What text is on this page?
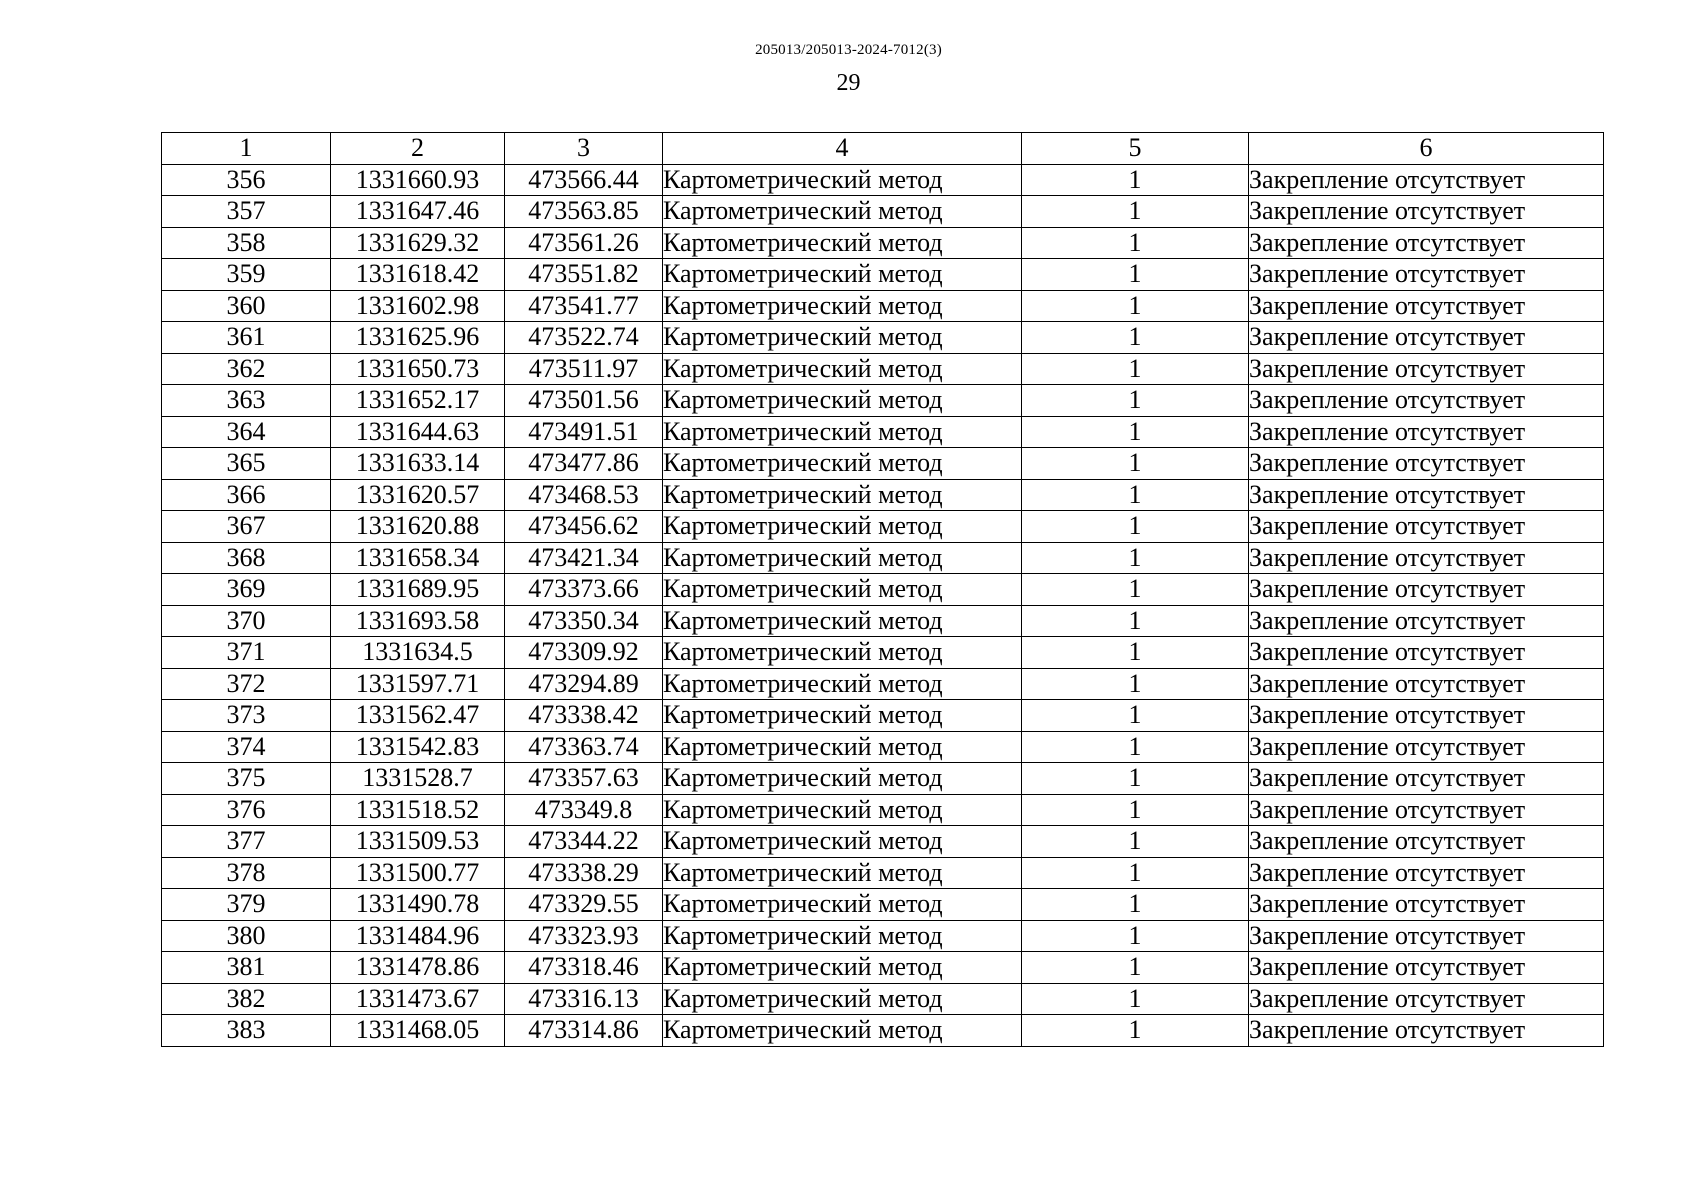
205013/205013-2024-7012(3)
29
1	2	3	4	5	6
356	1331660.93	473566.44	Картометрический метод	1	Закрепление отсутствует
357	1331647.46	473563.85	Картометрический метод	1	Закрепление отсутствует
358	1331629.32	473561.26	Картометрический метод	1	Закрепление отсутствует
359	1331618.42	473551.82	Картометрический метод	1	Закрепление отсутствует
360	1331602.98	473541.77	Картометрический метод	1	Закрепление отсутствует
361	1331625.96	473522.74	Картометрический метод	1	Закрепление отсутствует
362	1331650.73	473511.97	Картометрический метод	1	Закрепление отсутствует
363	1331652.17	473501.56	Картометрический метод	1	Закрепление отсутствует
364	1331644.63	473491.51	Картометрический метод	1	Закрепление отсутствует
365	1331633.14	473477.86	Картометрический метод	1	Закрепление отсутствует
366	1331620.57	473468.53	Картометрический метод	1	Закрепление отсутствует
367	1331620.88	473456.62	Картометрический метод	1	Закрепление отсутствует
368	1331658.34	473421.34	Картометрический метод	1	Закрепление отсутствует
369	1331689.95	473373.66	Картометрический метод	1	Закрепление отсутствует
370	1331693.58	473350.34	Картометрический метод	1	Закрепление отсутствует
371	1331634.5	473309.92	Картометрический метод	1	Закрепление отсутствует
372	1331597.71	473294.89	Картометрический метод	1	Закрепление отсутствует
373	1331562.47	473338.42	Картометрический метод	1	Закрепление отсутствует
374	1331542.83	473363.74	Картометрический метод	1	Закрепление отсутствует
375	1331528.7	473357.63	Картометрический метод	1	Закрепление отсутствует
376	1331518.52	473349.8	Картометрический метод	1	Закрепление отсутствует
377	1331509.53	473344.22	Картометрический метод	1	Закрепление отсутствует
378	1331500.77	473338.29	Картометрический метод	1	Закрепление отсутствует
379	1331490.78	473329.55	Картометрический метод	1	Закрепление отсутствует
380	1331484.96	473323.93	Картометрический метод	1	Закрепление отсутствует
381	1331478.86	473318.46	Картометрический метод	1	Закрепление отсутствует
382	1331473.67	473316.13	Картометрический метод	1	Закрепление отсутствует
383	1331468.05	473314.86	Картометрический метод	1	Закрепление отсутствует
